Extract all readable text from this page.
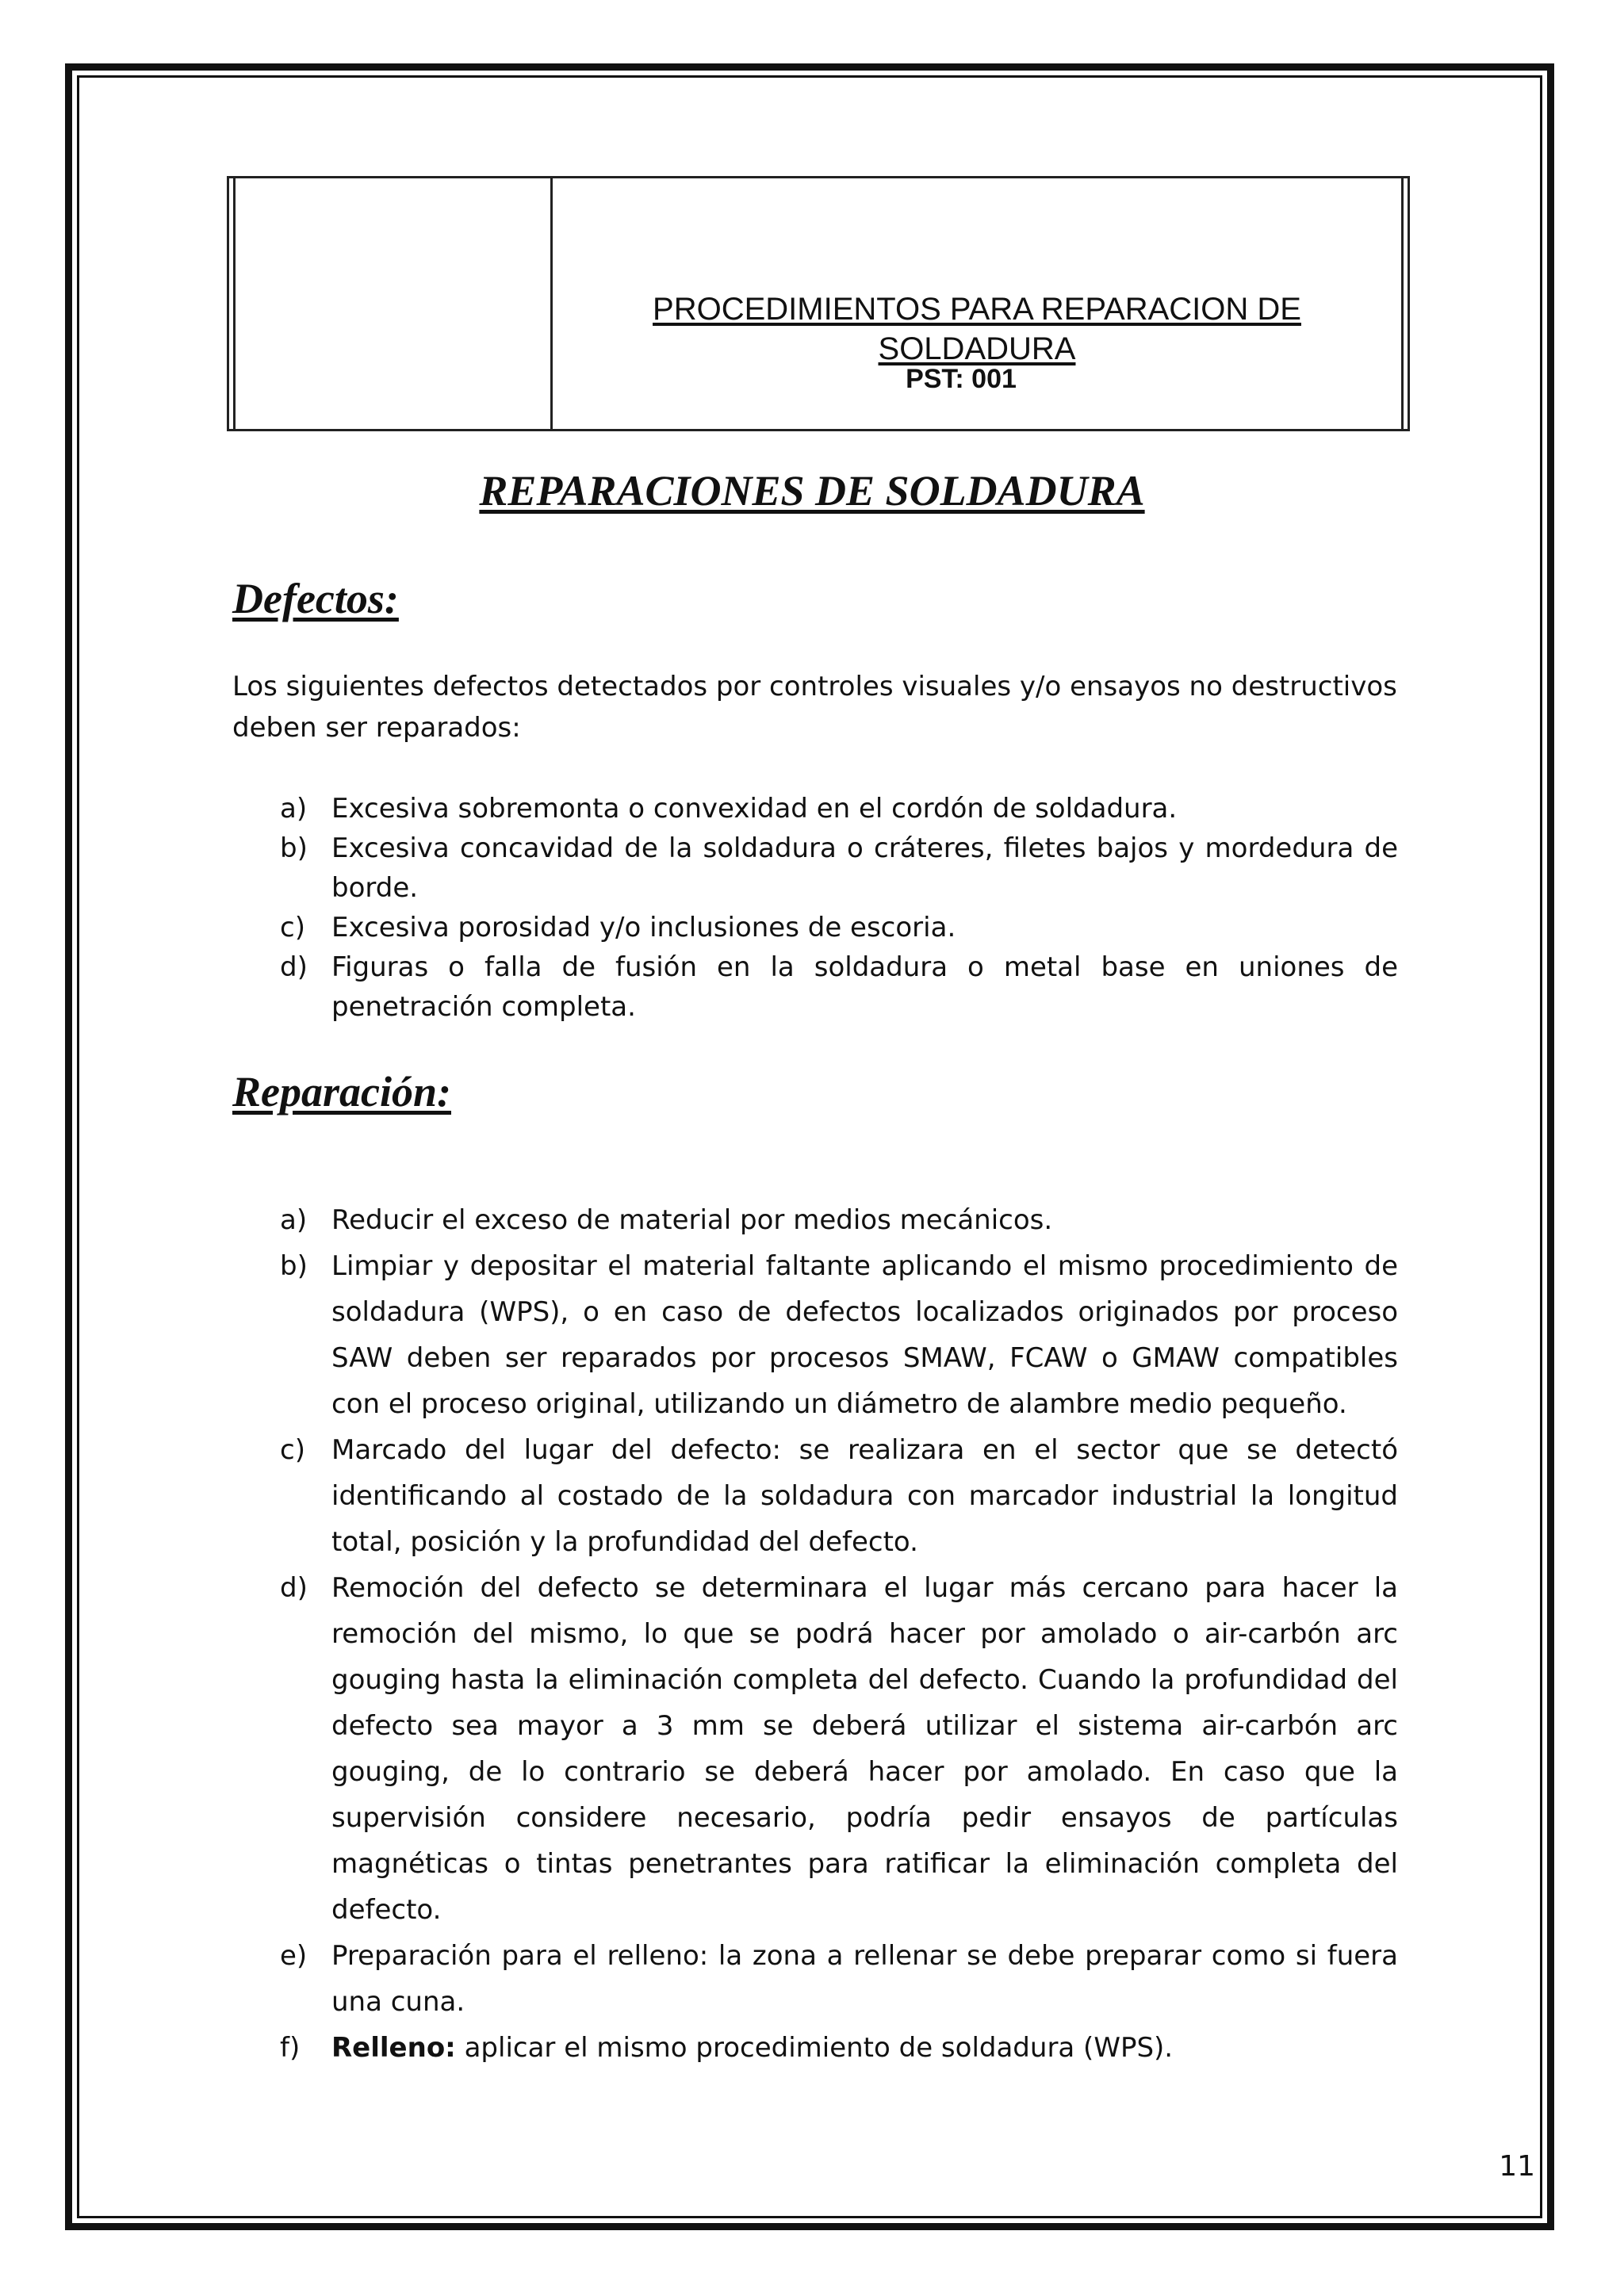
PROCEDIMIENTOS PARA REPARACION DE SOLDADURA
PST: 001
REPARACIONES DE SOLDADURA
Defectos:
Los siguientes defectos detectados por controles visuales y/o ensayos no destructivos deben ser reparados:
a) Excesiva sobremonta o convexidad en el cordón de soldadura.
b) Excesiva concavidad de la soldadura o cráteres, filetes bajos y mordedura de borde.
c) Excesiva porosidad y/o inclusiones de escoria.
d) Figuras o falla de fusión en la soldadura o metal base en uniones de penetración completa.
Reparación:
a) Reducir el exceso de material por medios mecánicos.
b) Limpiar y depositar el material faltante aplicando el mismo procedimiento de soldadura (WPS), o en caso de defectos localizados originados por proceso SAW deben ser reparados por procesos SMAW, FCAW o GMAW compatibles con el proceso original, utilizando un diámetro de alambre medio pequeño.
c) Marcado del lugar del defecto: se realizara en el sector que se detectó identificando al costado de la soldadura con marcador industrial la longitud total, posición y la profundidad del defecto.
d) Remoción del defecto se determinara el lugar más cercano para hacer la remoción del mismo, lo que se podrá hacer por amolado o air-carbón arc gouging hasta la eliminación completa del defecto. Cuando la profundidad del defecto sea mayor a 3 mm se deberá utilizar el sistema air-carbón arc gouging, de lo contrario se deberá hacer por amolado. En caso que la supervisión considere necesario, podría pedir ensayos de partículas magnéticas o tintas penetrantes para ratificar la eliminación completa del defecto.
e) Preparación para el relleno: la zona a rellenar se debe preparar como si fuera una cuna.
f) Relleno: aplicar el mismo procedimiento de soldadura (WPS).
11
